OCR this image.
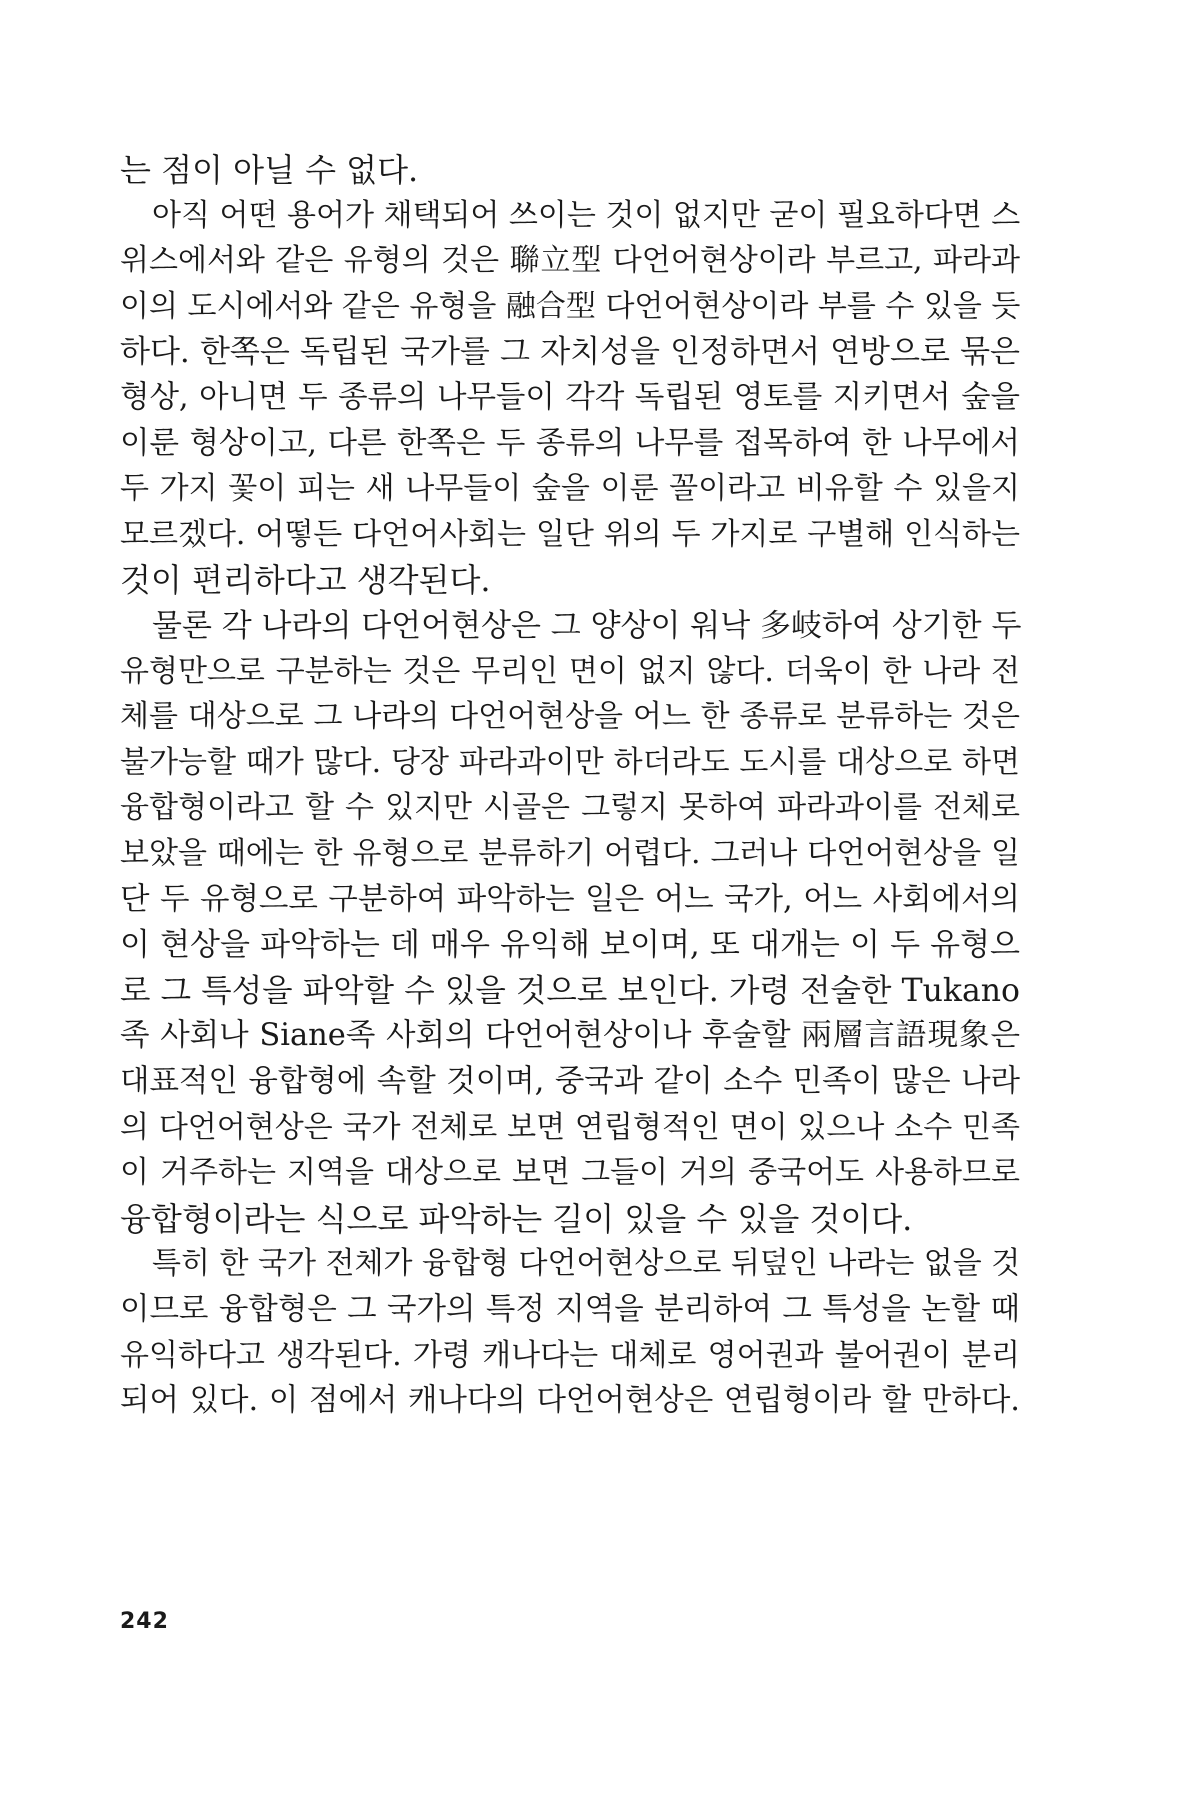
는 점이 아닐 수 없다.
아직 어떤 용어가 채택되어 쓰이는 것이 없지만 굳이 필요하다면 스
위스에서와 같은 유형의 것은 聯立型 다언어현상이라 부르고, 파라과
이의 도시에서와 같은 유형을 融合型 다언어현상이라 부를 수 있을 듯
하다. 한쪽은 독립된 국가를 그 자치성을 인정하면서 연방으로 묶은
형상, 아니면 두 종류의 나무들이 각각 독립된 영토를 지키면서 숲을
이룬 형상이고, 다른 한쪽은 두 종류의 나무를 접목하여 한 나무에서
두 가지 꽃이 피는 새 나무들이 숲을 이룬 꼴이라고 비유할 수 있을지
모르겠다. 어떻든 다언어사회는 일단 위의 두 가지로 구별해 인식하는
것이 편리하다고 생각된다.
물론 각 나라의 다언어현상은 그 양상이 워낙 多岐하여 상기한 두
유형만으로 구분하는 것은 무리인 면이 없지 않다. 더욱이 한 나라 전
체를 대상으로 그 나라의 다언어현상을 어느 한 종류로 분류하는 것은
불가능할 때가 많다. 당장 파라과이만 하더라도 도시를 대상으로 하면
융합형이라고 할 수 있지만 시골은 그렇지 못하여 파라과이를 전체로
보았을 때에는 한 유형으로 분류하기 어렵다. 그러나 다언어현상을 일
단 두 유형으로 구분하여 파악하는 일은 어느 국가, 어느 사회에서의
이 현상을 파악하는 데 매우 유익해 보이며, 또 대개는 이 두 유형으
로 그 특성을 파악할 수 있을 것으로 보인다. 가령 전술한 Tukano
족 사회나 Siane족 사회의 다언어현상이나 후술할 兩層言語現象은
대표적인 융합형에 속할 것이며, 중국과 같이 소수 민족이 많은 나라
의 다언어현상은 국가 전체로 보면 연립형적인 면이 있으나 소수 민족
이 거주하는 지역을 대상으로 보면 그들이 거의 중국어도 사용하므로
융합형이라는 식으로 파악하는 길이 있을 수 있을 것이다.
특히 한 국가 전체가 융합형 다언어현상으로 뒤덮인 나라는 없을 것
이므로 융합형은 그 국가의 특정 지역을 분리하여 그 특성을 논할 때
유익하다고 생각된다. 가령 캐나다는 대체로 영어권과 불어권이 분리
되어 있다. 이 점에서 캐나다의 다언어현상은 연립형이라 할 만하다.
242
